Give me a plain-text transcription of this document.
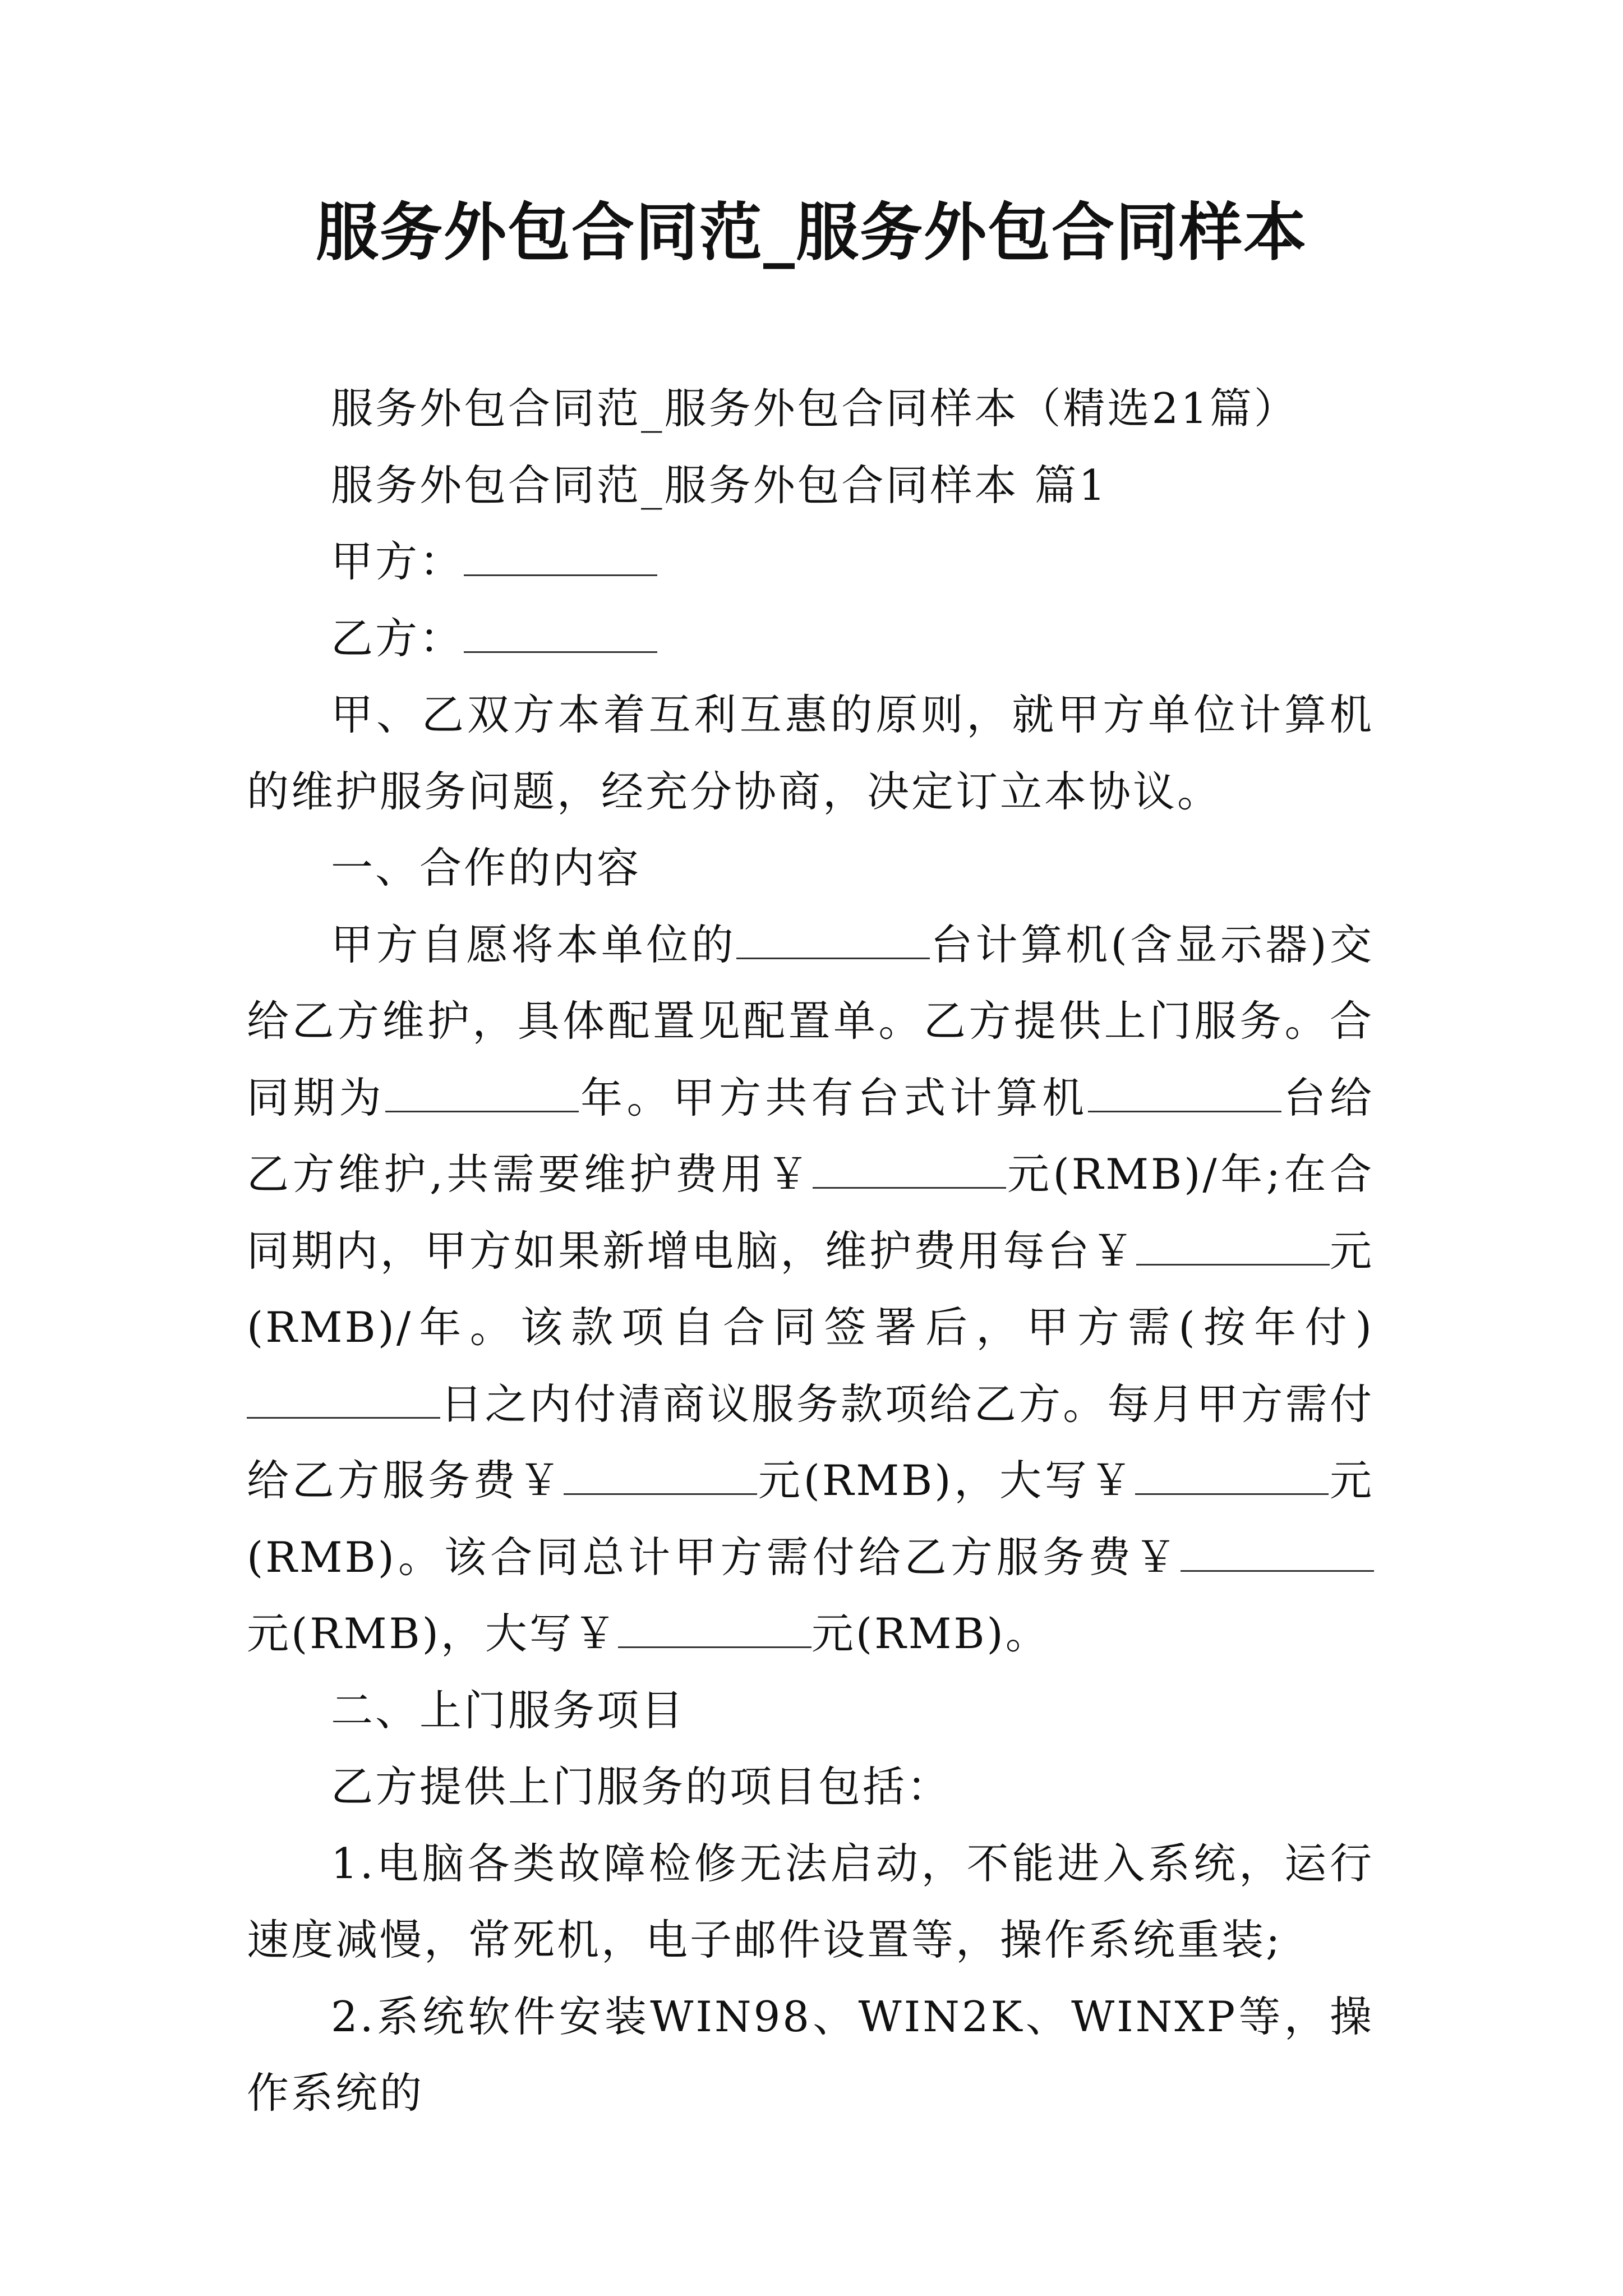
服务外包合同范_服务外包合同样本

服务外包合同范_服务外包合同样本（精选21篇）

服务外包合同范_服务外包合同样本 篇1

甲方：

乙方：

甲、乙双方本着互利互惠的原则，就甲方单位计算机的维护服务问题，经充分协商，决定订立本协议。

一、合作的内容

甲方自愿将本单位的	台计算机(含显示器)交给乙方维护，具体配置见配置单。乙方提供上门服务。合同期为	年。甲方共有台式计算机	台给乙方维护,共需要维护费用￥	元(RMB)/年;在合同期内，甲方如果新增电脑，维护费用每台￥	元(RMB)/年。该款项自合同签署后，甲方需(按年付)日之内付清商议服务款项给乙方。每月甲方需付给乙方服务费￥	元(RMB)，大写￥	元(RMB)。该合同总计甲方需付给乙方服务费￥元(RMB)，大写￥	元(RMB)。

二、上门服务项目

乙方提供上门服务的项目包括：

1.电脑各类故障检修无法启动，不能进入系统，运行速度减慢，常死机，电子邮件设置等，操作系统重装;

2.系统软件安装WIN98、WIN2K、WINXP等，操作系统的
